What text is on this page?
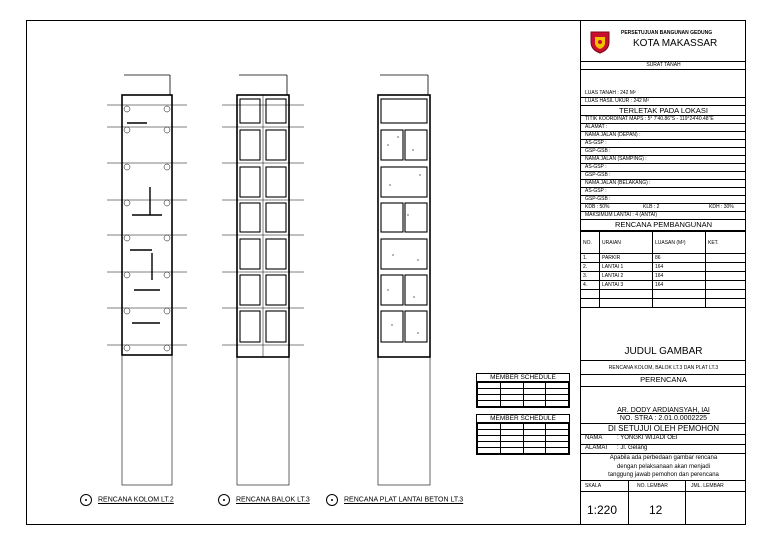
MEMBER SCHEDULE

MEMBER SCHEDULE

RENCANA KOLOM LT.2	RENCANA BALOK LT.3	RENCANA PLAT LANTAI BETON LT.3
PERSETUJUAN BANGUNAN GEDUNG
KOTA MAKASSAR
SURAT TANAH
LUAS TANAH : 242 M²
LUAS HASIL UKUR : 242 M²
TERLETAK PADA LOKASI
TITIK KOORDINAT MAPS : 5° 7'40.86"S - 119°24'40.48"E
ALAMAT :
NAMA JALAN (DEPAN) :
AS-GSP :
GSP-GSB :
NAMA JALAN (SAMPING) :
AS-GSP :
GSP-GSB :
NAMA JALAN (BELAKANG) :
AS-GSP :
GSP-GSB :
KDB : 50%	KLB : 2	KDH : 30%
MAKSIMUM LANTAI : 4 (ANTAI)
RENCANA PEMBANGUNAN
NO.	URAIAN	LUASAN (M²)	KET.
1.	PARKIR	86	
2.	LANTAI 1	164	
3.	LANTAI 2	164	
4.	LANTAI 3	164	

JUDUL GAMBAR
RENCANA KOLOM, BALOK LT.3 DAN PLAT LT.3
PERENCANA
AR. DODY ARDIANSYAH, IAI
NO. STRA : 2.01.0.0002225
DI SETUJUI OLEH PEMOHON
NAMA : YONGKI WIJADI OEI
ALAMAT : Jl. Gelang
Apabila ada perbedaan gambar rencana
dengan pelaksanaan akan menjadi
tanggung jawab pemohon dan perencana
SKALA	NO. LEMBAR	JML. LEMBAR
1:220	12
